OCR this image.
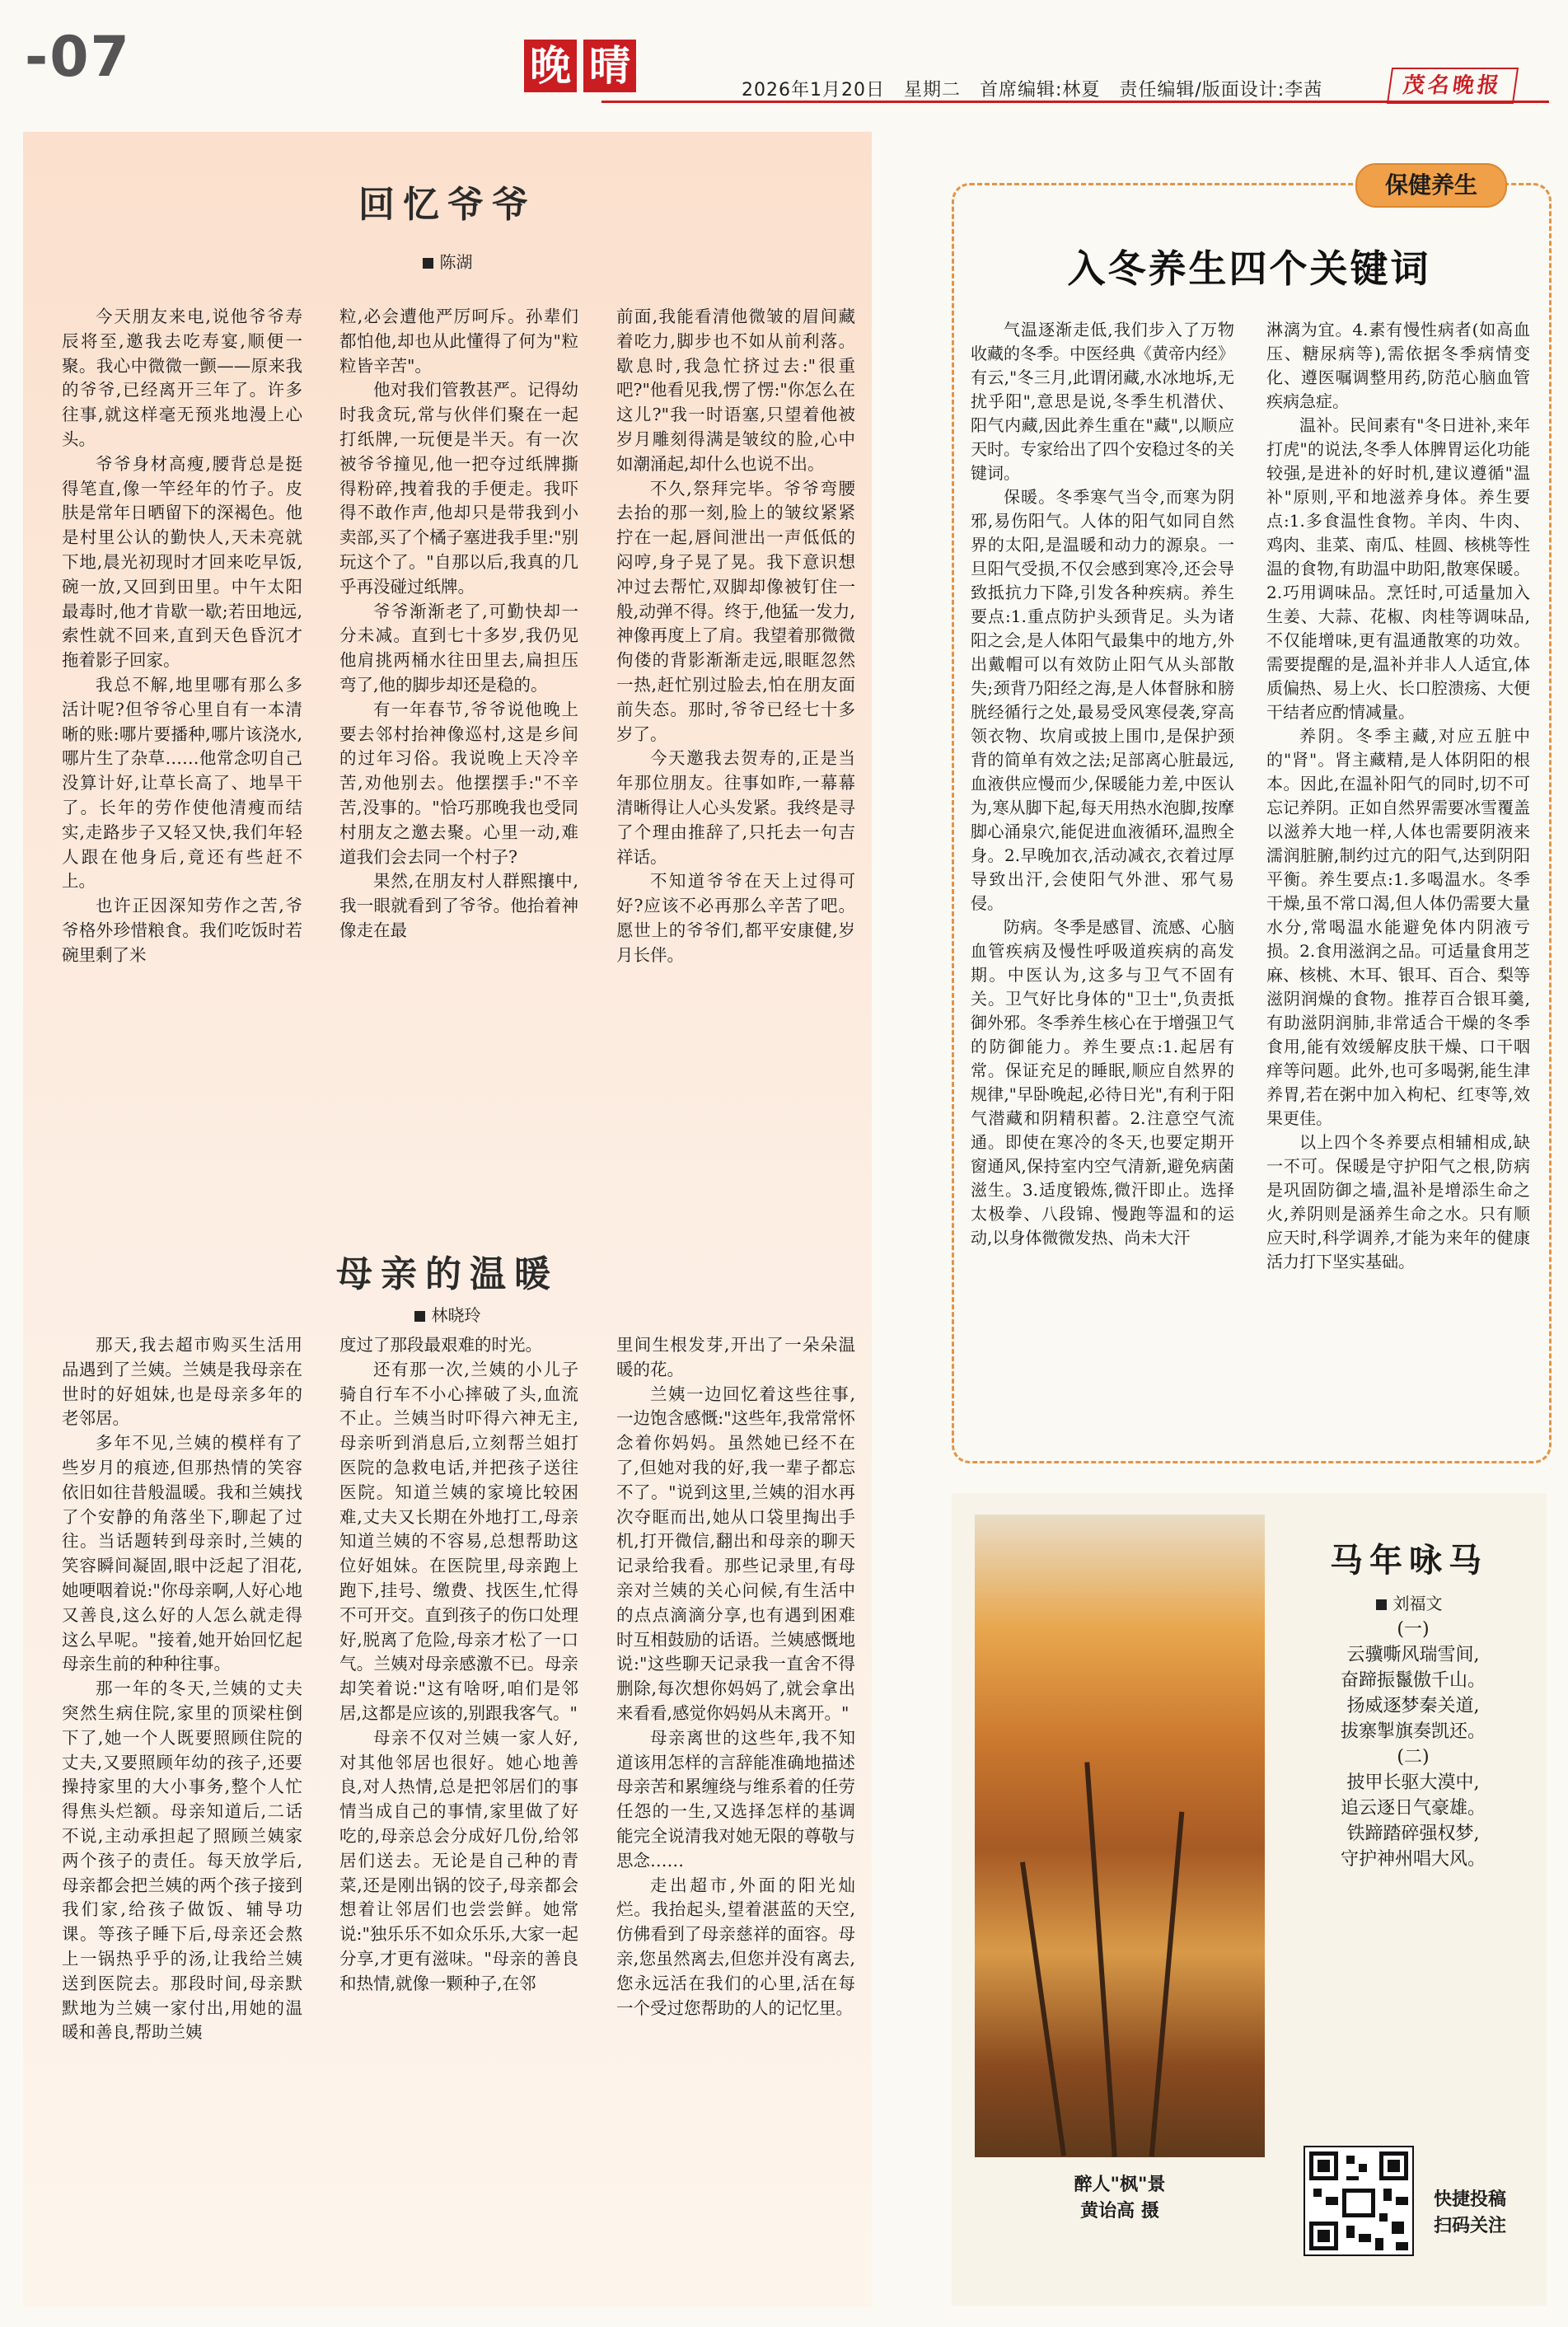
-07	晚 晴
2026年1月20日　星期二　首席编辑:林夏　责任编辑/版面设计:李茜	茂名晚报
回忆爷爷
陈湖

今天朋友来电,说他爷爷寿辰将至,邀我去吃寿宴,顺便一聚。我心中微微一颤——原来我的爷爷,已经离开三年了。许多往事,就这样毫无预兆地漫上心头。

爷爷身材高瘦,腰背总是挺得笔直,像一竿经年的竹子。皮肤是常年日晒留下的深褐色。他是村里公认的勤快人,天未亮就下地,晨光初现时才回来吃早饭,碗一放,又回到田里。中午太阳最毒时,他才肯歇一歇;若田地远,索性就不回来,直到天色昏沉才拖着影子回家。

我总不解,地里哪有那么多活计呢?但爷爷心里自有一本清晰的账:哪片要播种,哪片该浇水,哪片生了杂草……他常念叨自己没算计好,让草长高了、地旱干了。长年的劳作使他清瘦而结实,走路步子又轻又快,我们年轻人跟在他身后,竟还有些赶不上。

也许正因深知劳作之苦,爷爷格外珍惜粮食。我们吃饭时若碗里剩了米

粒,必会遭他严厉呵斥。孙辈们都怕他,却也从此懂得了何为"粒粒皆辛苦"。

他对我们管教甚严。记得幼时我贪玩,常与伙伴们聚在一起打纸牌,一玩便是半天。有一次被爷爷撞见,他一把夺过纸牌撕得粉碎,拽着我的手便走。我吓得不敢作声,他却只是带我到小卖部,买了个橘子塞进我手里:"别玩这个了。"自那以后,我真的几乎再没碰过纸牌。

爷爷渐渐老了,可勤快却一分未减。直到七十多岁,我仍见他肩挑两桶水往田里去,扁担压弯了,他的脚步却还是稳的。

有一年春节,爷爷说他晚上要去邻村抬神像巡村,这是乡间的过年习俗。我说晚上天冷辛苦,劝他别去。他摆摆手:"不辛苦,没事的。"恰巧那晚我也受同村朋友之邀去聚。心里一动,难道我们会去同一个村子?

果然,在朋友村人群熙攘中,我一眼就看到了爷爷。他抬着神像走在最

前面,我能看清他微皱的眉间藏着吃力,脚步也不如从前利落。歇息时,我急忙挤过去:"很重吧?"他看见我,愣了愣:"你怎么在这儿?"我一时语塞,只望着他被岁月雕刻得满是皱纹的脸,心中如潮涌起,却什么也说不出。

不久,祭拜完毕。爷爷弯腰去抬的那一刻,脸上的皱纹紧紧拧在一起,唇间泄出一声低低的闷哼,身子晃了晃。我下意识想冲过去帮忙,双脚却像被钉住一般,动弹不得。终于,他猛一发力,神像再度上了肩。我望着那微微佝偻的背影渐渐走远,眼眶忽然一热,赶忙别过脸去,怕在朋友面前失态。那时,爷爷已经七十多岁了。

今天邀我去贺寿的,正是当年那位朋友。往事如昨,一幕幕清晰得让人心头发紧。我终是寻了个理由推辞了,只托去一句吉祥话。

不知道爷爷在天上过得可好?应该不必再那么辛苦了吧。愿世上的爷爷们,都平安康健,岁月长伴。

母亲的温暖
林晓玲

那天,我去超市购买生活用品遇到了兰姨。兰姨是我母亲在世时的好姐妹,也是母亲多年的老邻居。

多年不见,兰姨的模样有了些岁月的痕迹,但那热情的笑容依旧如往昔般温暖。我和兰姨找了个安静的角落坐下,聊起了过往。当话题转到母亲时,兰姨的笑容瞬间凝固,眼中泛起了泪花,她哽咽着说:"你母亲啊,人好心地又善良,这么好的人怎么就走得这么早呢。"接着,她开始回忆起母亲生前的种种往事。

那一年的冬天,兰姨的丈夫突然生病住院,家里的顶梁柱倒下了,她一个人既要照顾住院的丈夫,又要照顾年幼的孩子,还要操持家里的大小事务,整个人忙得焦头烂额。母亲知道后,二话不说,主动承担起了照顾兰姨家两个孩子的责任。每天放学后,母亲都会把兰姨的两个孩子接到我们家,给孩子做饭、辅导功课。等孩子睡下后,母亲还会熬上一锅热乎乎的汤,让我给兰姨送到医院去。那段时间,母亲默默地为兰姨一家付出,用她的温暖和善良,帮助兰姨

度过了那段最艰难的时光。

还有那一次,兰姨的小儿子骑自行车不小心摔破了头,血流不止。兰姨当时吓得六神无主,母亲听到消息后,立刻帮兰姐打医院的急救电话,并把孩子送往医院。知道兰姨的家境比较困难,丈夫又长期在外地打工,母亲知道兰姨的不容易,总想帮助这位好姐妹。在医院里,母亲跑上跑下,挂号、缴费、找医生,忙得不可开交。直到孩子的伤口处理好,脱离了危险,母亲才松了一口气。兰姨对母亲感激不已。母亲却笑着说:"这有啥呀,咱们是邻居,这都是应该的,别跟我客气。"

母亲不仅对兰姨一家人好,对其他邻居也很好。她心地善良,对人热情,总是把邻居们的事情当成自己的事情,家里做了好吃的,母亲总会分成好几份,给邻居们送去。无论是自己种的青菜,还是刚出锅的饺子,母亲都会想着让邻居们也尝尝鲜。她常说:"独乐乐不如众乐乐,大家一起分享,才更有滋味。"母亲的善良和热情,就像一颗种子,在邻

里间生根发芽,开出了一朵朵温暖的花。

兰姨一边回忆着这些往事,一边饱含感慨:"这些年,我常常怀念着你妈妈。虽然她已经不在了,但她对我的好,我一辈子都忘不了。"说到这里,兰姨的泪水再次夺眶而出,她从口袋里掏出手机,打开微信,翻出和母亲的聊天记录给我看。那些记录里,有母亲对兰姨的关心问候,有生活中的点点滴滴分享,也有遇到困难时互相鼓励的话语。兰姨感慨地说:"这些聊天记录我一直舍不得删除,每次想你妈妈了,就会拿出来看看,感觉你妈妈从未离开。"

母亲离世的这些年,我不知道该用怎样的言辞能准确地描述母亲苦和累缠绕与维系着的任劳任怨的一生,又选择怎样的基调能完全说清我对她无限的尊敬与思念……

走出超市,外面的阳光灿烂。我抬起头,望着湛蓝的天空,仿佛看到了母亲慈祥的面容。母亲,您虽然离去,但您并没有离去,您永远活在我们的心里,活在每一个受过您帮助的人的记忆里。

保健养生
入冬养生四个关键词

气温逐渐走低,我们步入了万物收藏的冬季。中医经典《黄帝内经》有云,"冬三月,此谓闭藏,水冰地坼,无扰乎阳",意思是说,冬季生机潜伏、阳气内藏,因此养生重在"藏",以顺应天时。专家给出了四个安稳过冬的关键词。

保暖。冬季寒气当令,而寒为阴邪,易伤阳气。人体的阳气如同自然界的太阳,是温暖和动力的源泉。一旦阳气受损,不仅会感到寒冷,还会导致抵抗力下降,引发各种疾病。养生要点:1.重点防护头颈背足。头为诸阳之会,是人体阳气最集中的地方,外出戴帽可以有效防止阳气从头部散失;颈背乃阳经之海,是人体督脉和膀胱经循行之处,最易受风寒侵袭,穿高领衣物、坎肩或披上围巾,是保护颈背的简单有效之法;足部离心脏最远,血液供应慢而少,保暖能力差,中医认为,寒从脚下起,每天用热水泡脚,按摩脚心涌泉穴,能促进血液循环,温煦全身。2.早晚加衣,活动减衣,衣着过厚导致出汗,会使阳气外泄、邪气易侵。

防病。冬季是感冒、流感、心脑血管疾病及慢性呼吸道疾病的高发期。中医认为,这多与卫气不固有关。卫气好比身体的"卫士",负责抵御外邪。冬季养生核心在于增强卫气的防御能力。养生要点:1.起居有常。保证充足的睡眠,顺应自然界的规律,"早卧晚起,必待日光",有利于阳气潜藏和阴精积蓄。2.注意空气流通。即使在寒冷的冬天,也要定期开窗通风,保持室内空气清新,避免病菌滋生。3.适度锻炼,微汗即止。选择太极拳、八段锦、慢跑等温和的运动,以身体微微发热、尚未大汗

淋漓为宜。4.素有慢性病者(如高血压、糖尿病等),需依据冬季病情变化、遵医嘱调整用药,防范心脑血管疾病急症。

温补。民间素有"冬日进补,来年打虎"的说法,冬季人体脾胃运化功能较强,是进补的好时机,建议遵循"温补"原则,平和地滋养身体。养生要点:1.多食温性食物。羊肉、牛肉、鸡肉、韭菜、南瓜、桂圆、核桃等性温的食物,有助温中助阳,散寒保暖。2.巧用调味品。烹饪时,可适量加入生姜、大蒜、花椒、肉桂等调味品,不仅能增味,更有温通散寒的功效。需要提醒的是,温补并非人人适宜,体质偏热、易上火、长口腔溃疡、大便干结者应酌情减量。

养阴。冬季主藏,对应五脏中的"肾"。肾主藏精,是人体阴阳的根本。因此,在温补阳气的同时,切不可忘记养阴。正如自然界需要冰雪覆盖以滋养大地一样,人体也需要阴液来濡润脏腑,制约过亢的阳气,达到阴阳平衡。养生要点:1.多喝温水。冬季干燥,虽不常口渴,但人体仍需要大量水分,常喝温水能避免体内阴液亏损。2.食用滋润之品。可适量食用芝麻、核桃、木耳、银耳、百合、梨等滋阴润燥的食物。推荐百合银耳羹,有助滋阴润肺,非常适合干燥的冬季食用,能有效缓解皮肤干燥、口干咽痒等问题。此外,也可多喝粥,能生津养胃,若在粥中加入枸杞、红枣等,效果更佳。

以上四个冬养要点相辅相成,缺一不可。保暖是守护阳气之根,防病是巩固防御之墙,温补是增添生命之火,养阴则是涵养生命之水。只有顺应天时,科学调养,才能为来年的健康活力打下坚实基础。

醉人"枫"景
黄诒高 摄
马年咏马
刘福文
(一)
云骥嘶风瑞雪间,
奋蹄振鬣傲千山。
扬威逐梦秦关道,
拔寨掣旗奏凯还。
(二)
披甲长驱大漠中,
追云逐日气豪雄。
铁蹄踏碎强权梦,
守护神州唱大风。
快捷投稿
扫码关注
